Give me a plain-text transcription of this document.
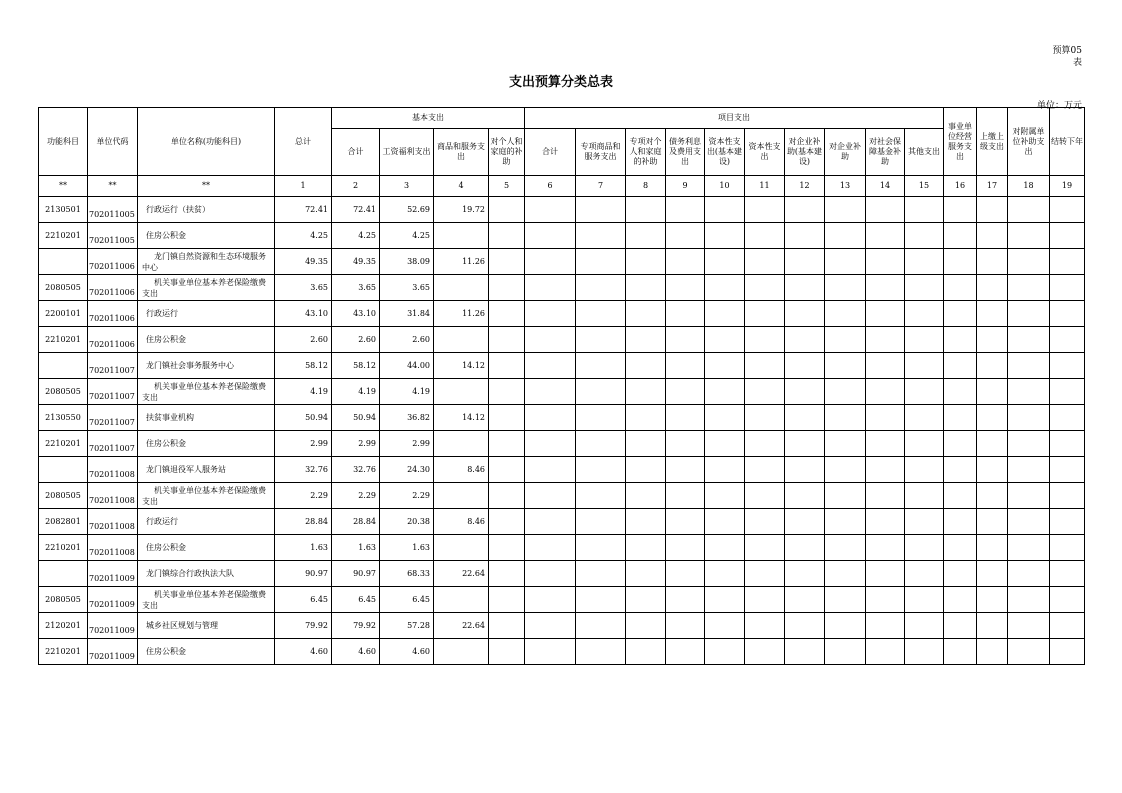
预算05
表
支出预算分类总表
单位：万元
功能科目	单位代码	单位名称(功能科目)	总计	基本支出				项目支出										事业单位经营服务支出	上缴上级支出	对附属单位补助支出	结转下年
				合计	工资福利支出	商品和服务支出	对个人和家庭的补助	合计	专项商品和服务支出	专项对个人和家庭的补助	债务利息及费用支出	资本性支出(基本建设)	资本性支出	对企业补助(基本建设)	对企业补助	对社会保障基金补助	其他支出				
**	**	**	1	2	3	4	5	6	7	8	9	10	11	12	13	14	15	16	17	18	19
2130501	702011005	行政运行（扶贫）	72.41	72.41	52.69	19.72															
2210201	702011005	住房公积金	4.25	4.25	4.25																
	702011006	龙门镇自然资源和生态环境服务中心	49.35	49.35	38.09	11.26															
2080505	702011006	机关事业单位基本养老保险缴费支出	3.65	3.65	3.65																
2200101	702011006	行政运行	43.10	43.10	31.84	11.26															
2210201	702011006	住房公积金	2.60	2.60	2.60																
	702011007	龙门镇社会事务服务中心	58.12	58.12	44.00	14.12															
2080505	702011007	机关事业单位基本养老保险缴费支出	4.19	4.19	4.19																
2130550	702011007	扶贫事业机构	50.94	50.94	36.82	14.12															
2210201	702011007	住房公积金	2.99	2.99	2.99																
	702011008	龙门镇退役军人服务站	32.76	32.76	24.30	8.46															
2080505	702011008	机关事业单位基本养老保险缴费支出	2.29	2.29	2.29																
2082801	702011008	行政运行	28.84	28.84	20.38	8.46															
2210201	702011008	住房公积金	1.63	1.63	1.63																
	702011009	龙门镇综合行政执法大队	90.97	90.97	68.33	22.64															
2080505	702011009	机关事业单位基本养老保险缴费支出	6.45	6.45	6.45																
2120201	702011009	城乡社区规划与管理	79.92	79.92	57.28	22.64															
2210201	702011009	住房公积金	4.60	4.60	4.60																
